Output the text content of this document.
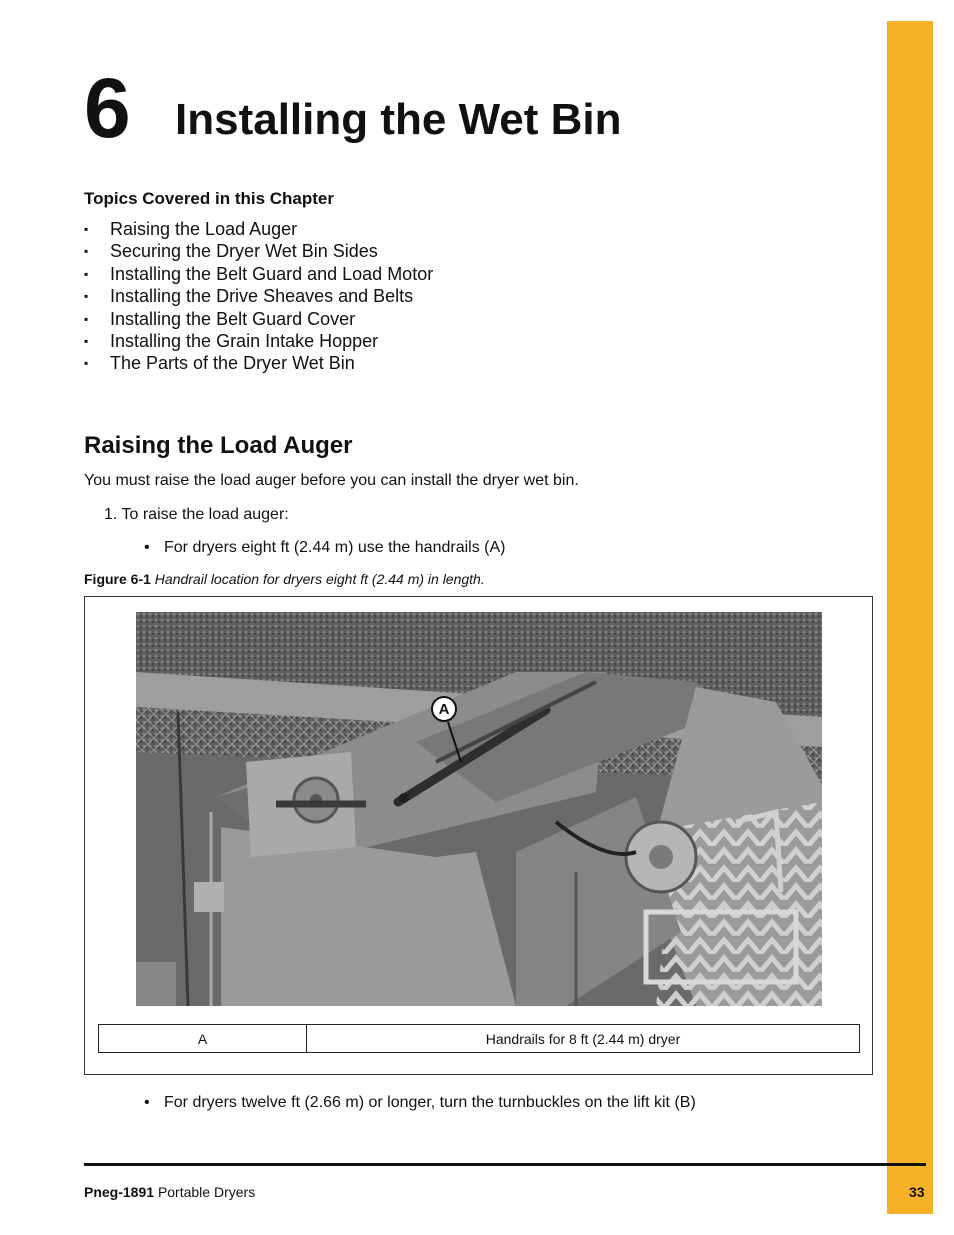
6 Installing the Wet Bin
Topics Covered in this Chapter
▪ Raising the Load Auger
▪ Securing the Dryer Wet Bin Sides
▪ Installing the Belt Guard and Load Motor
▪ Installing the Drive Sheaves and Belts
▪ Installing the Belt Guard Cover
▪ Installing the Grain Intake Hopper
▪ The Parts of the Dryer Wet Bin
Raising the Load Auger
You must raise the load auger before you can install the dryer wet bin.
1. To raise the load auger:
• For dryers eight ft (2.44 m) use the handrails (A)
Figure 6-1 Handrail location for dryers eight ft (2.44 m) in length.
A
A	Handrails for 8 ft (2.44 m) dryer
• For dryers twelve ft (2.66 m) or longer, turn the turnbuckles on the lift kit (B)
Pneg-1891 Portable Dryers	33
